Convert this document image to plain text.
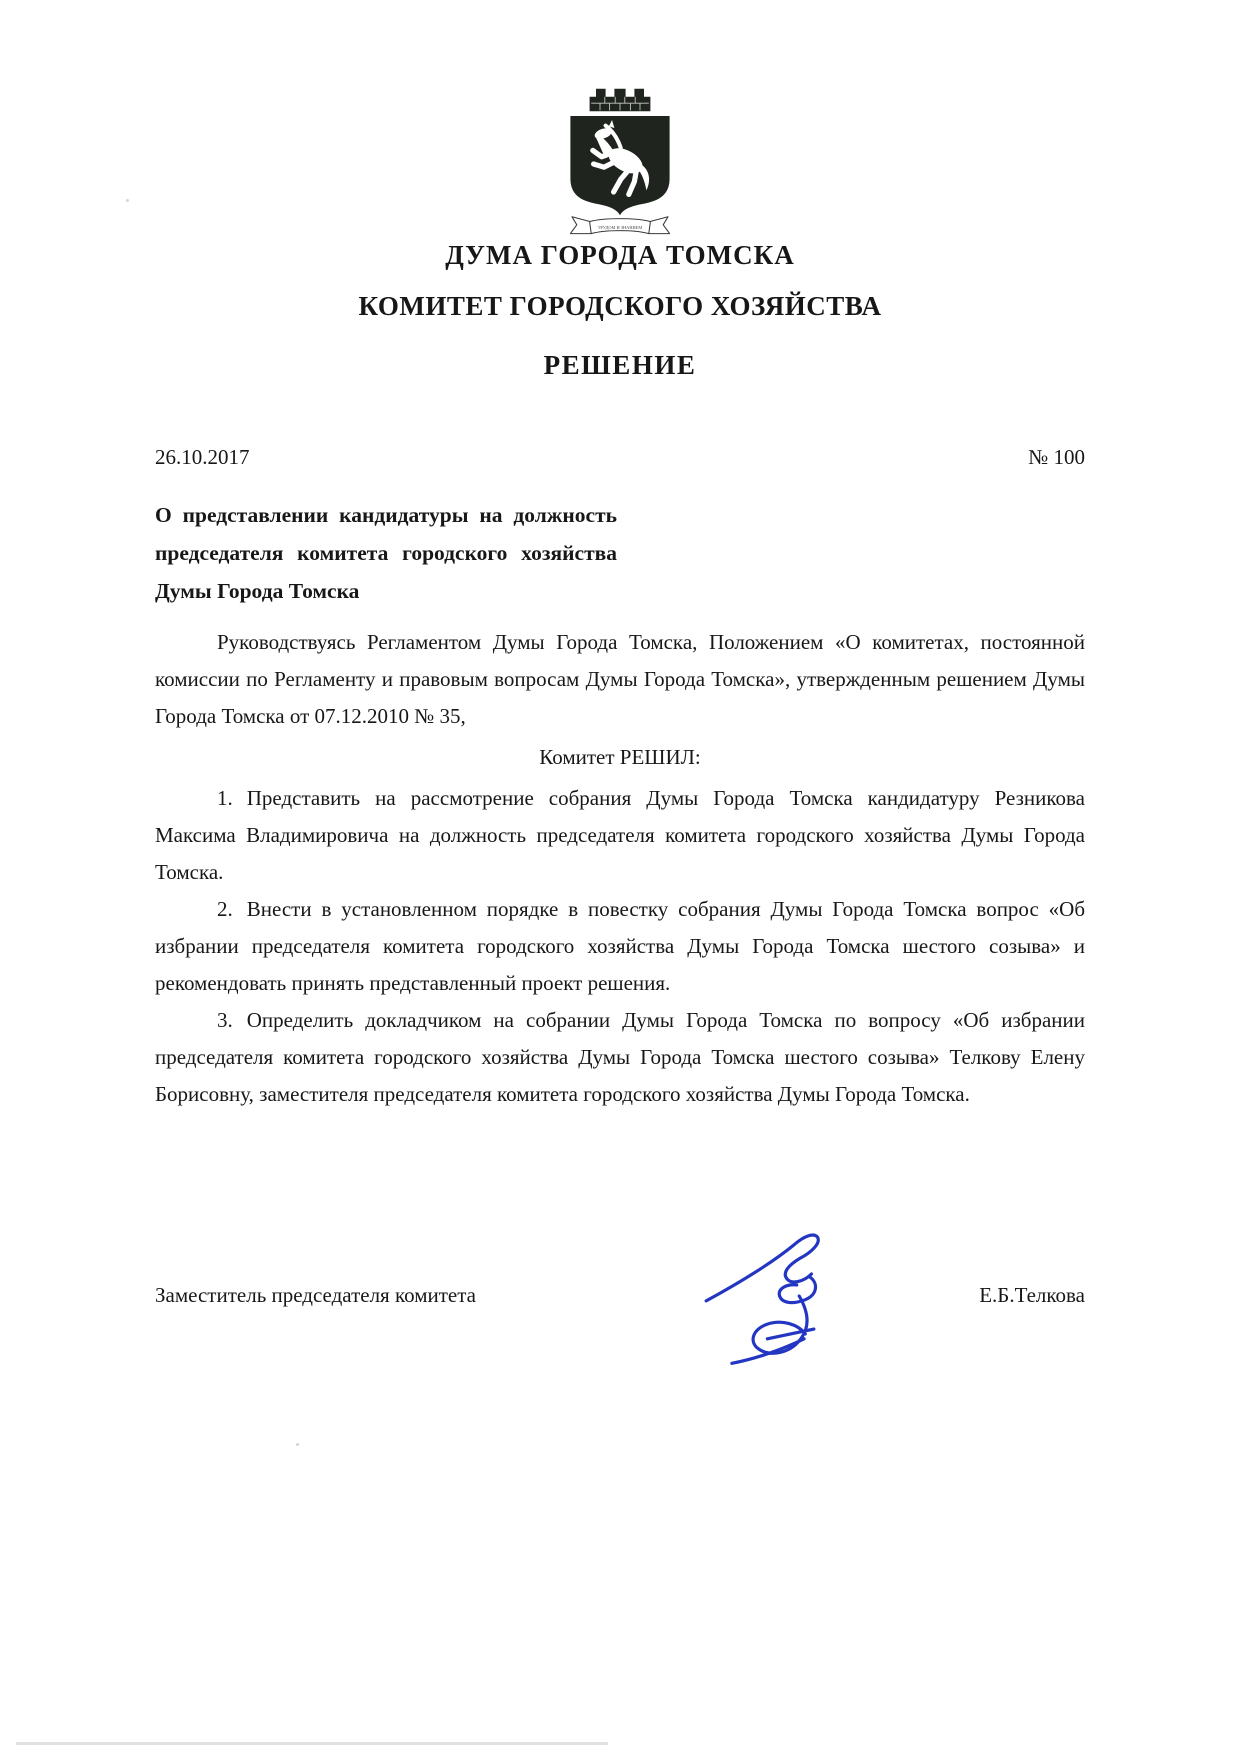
ТРУДОМ И ЗНАНИЕМ
ДУМА ГОРОДА ТОМСКА
КОМИТЕТ ГОРОДСКОГО ХОЗЯЙСТВА
РЕШЕНИЕ
26.10.2017	№ 100
О представлении кандидатуры на должность председателя комитета городского хозяйства Думы Города Томска

Руководствуясь Регламентом Думы Города Томска, Положением «О комитетах, постоянной комиссии по Регламенту и правовым вопросам Думы Города Томска», утвержденным решением Думы Города Томска от 07.12.2010 № 35,

Комитет РЕШИЛ:

1. Представить на рассмотрение собрания Думы Города Томска кандидатуру Резникова Максима Владимировича на должность председателя комитета городского хозяйства Думы Города Томска.

2. Внести в установленном порядке в повестку собрания Думы Города Томска вопрос «Об избрании председателя комитета городского хозяйства Думы Города Томска шестого созыва» и рекомендовать принять представленный проект решения.

3. Определить докладчиком на собрании Думы Города Томска по вопросу «Об избрании председателя комитета городского хозяйства Думы Города Томска шестого созыва» Телкову Елену Борисовну, заместителя председателя комитета городского хозяйства Думы Города Томска.

Заместитель председателя комитета	Е.Б.Телкова
